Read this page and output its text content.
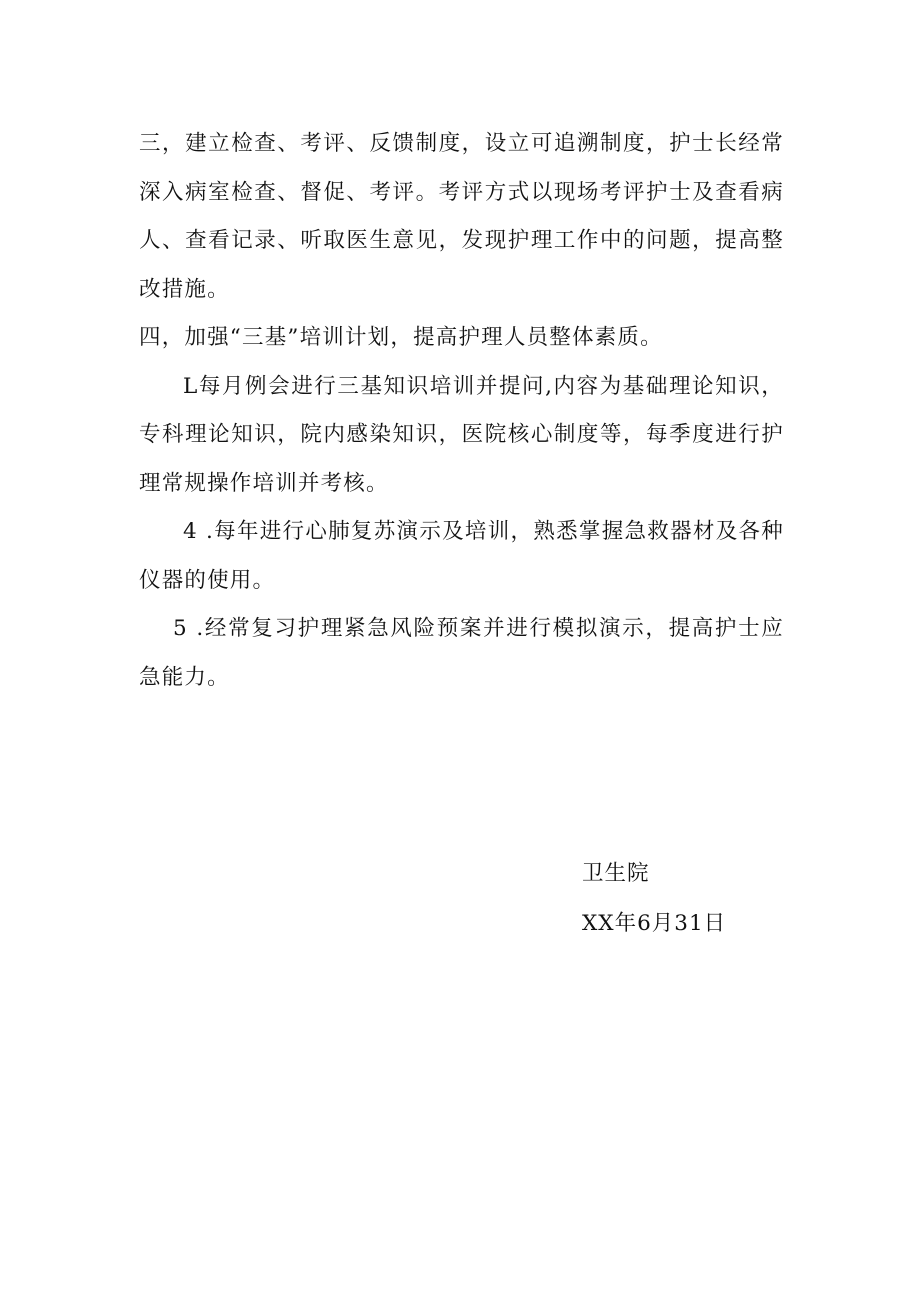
三，建立检查、考评、反馈制度，设立可追溯制度，护士长经常深入病室检查、督促、考评。考评方式以现场考评护士及查看病人、查看记录、听取医生意见，发现护理工作中的问题，提高整改措施。

四，加强“三基”培训计划，提高护理人员整体素质。

L每月例会进行三基知识培训并提问,内容为基础理论知识，专科理论知识，院内感染知识，医院核心制度等，每季度进行护理常规操作培训并考核。

4 .每年进行心肺复苏演示及培训，熟悉掌握急救器材及各种仪器的使用。

5 .经常复习护理紧急风险预案并进行模拟演示，提高护士应急能力。

卫生院

XX年6月31日
